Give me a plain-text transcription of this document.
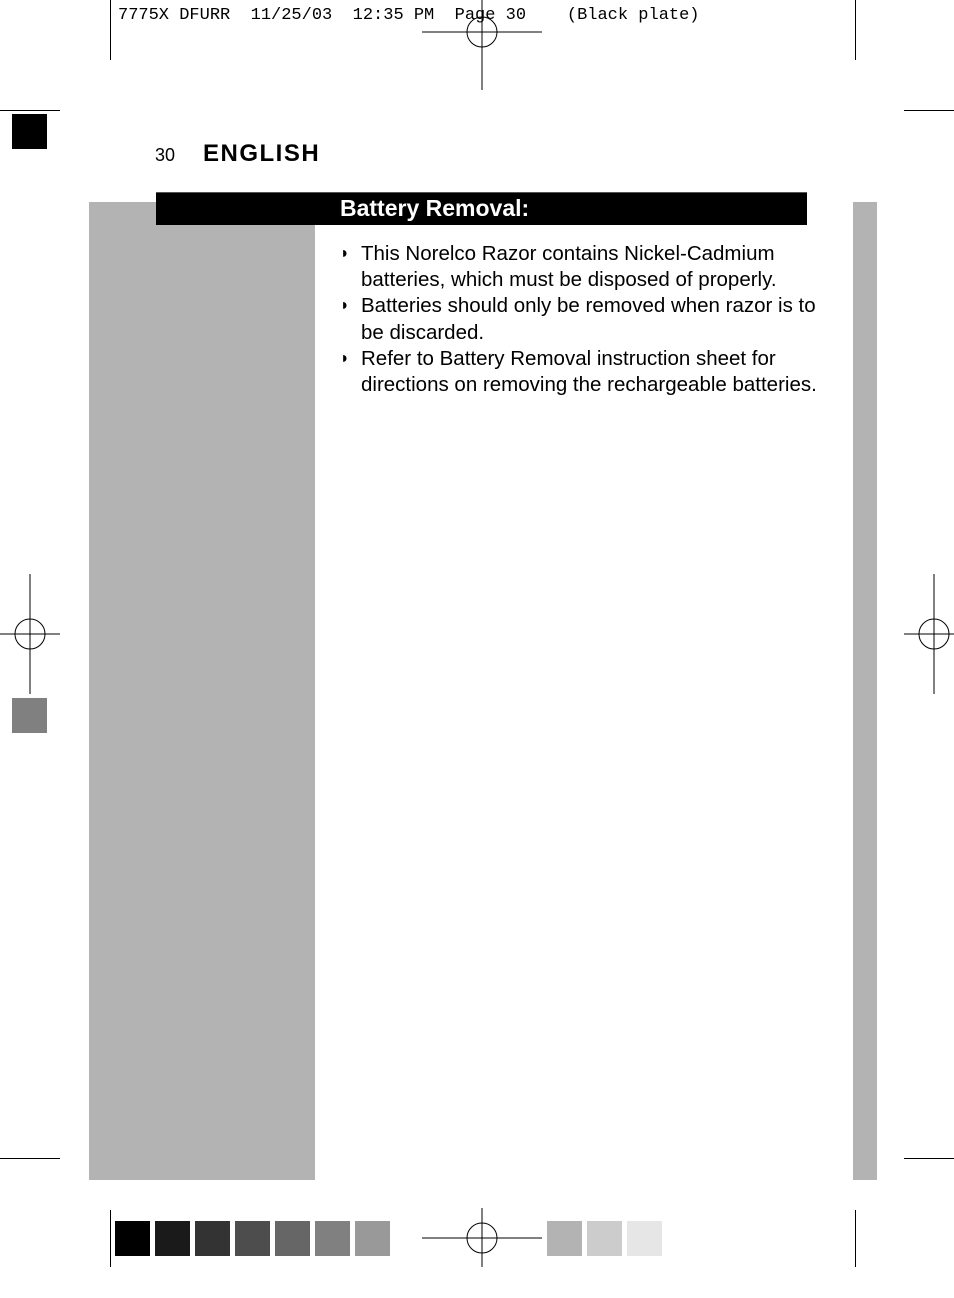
7775X DFURR  11/25/03  12:35 PM  Page 30    (Black plate)
30 ENGLISH
Battery Removal:
◗ This Norelco Razor contains Nickel-Cadmium batteries, which must be disposed of properly.
◗ Batteries should only be removed when razor is to be discarded.
◗ Refer to Battery Removal instruction sheet for directions on removing the rechargeable batteries.
